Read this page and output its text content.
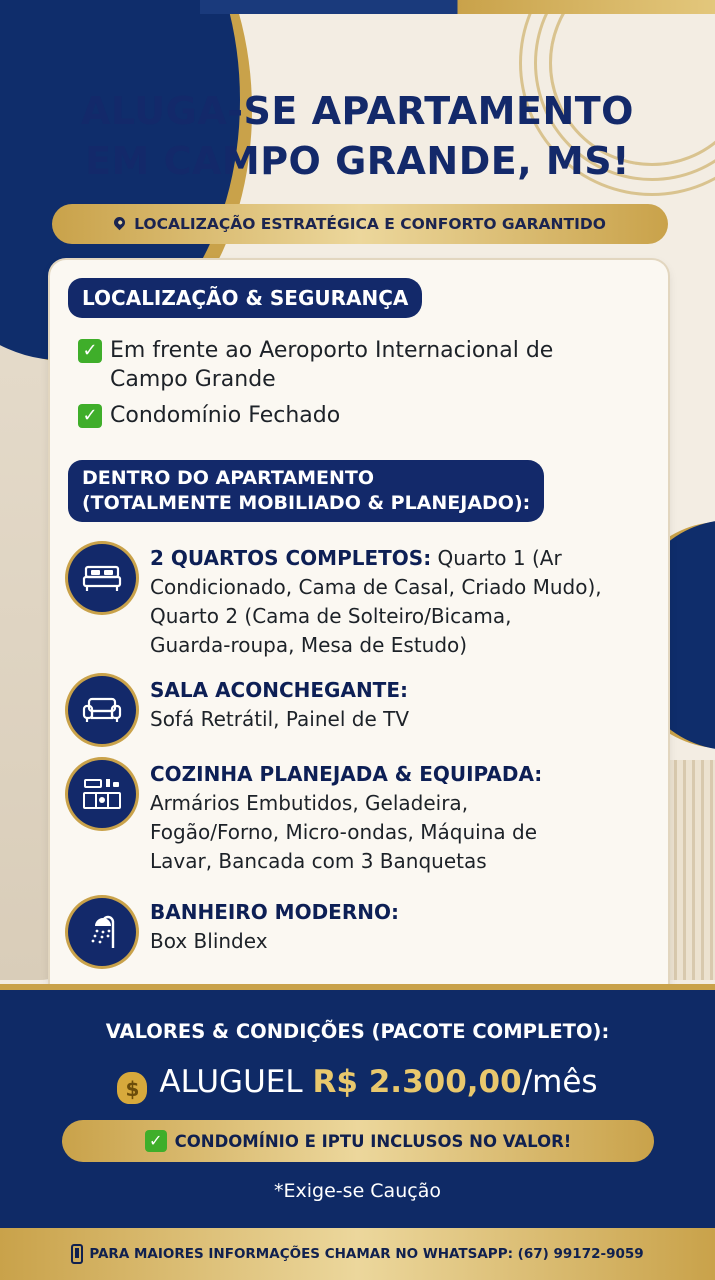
ALUGA-SE APARTAMENTO
EM CAMPO GRANDE, MS!
LOCALIZAÇÃO ESTRATÉGICA E CONFORTO GARANTIDO
LOCALIZAÇÃO & SEGURANÇA
✓ Em frente ao Aeroporto Internacional de
Campo Grande
✓ Condomínio Fechado
DENTRO DO APARTAMENTO
(TOTALMENTE MOBILIADO & PLANEJADO):
2 QUARTOS COMPLETOS: Quarto 1 (Ar
Condicionado, Cama de Casal, Criado Mudo),
Quarto 2 (Cama de Solteiro/Bicama,
Guarda-roupa, Mesa de Estudo)
SALA ACONCHEGANTE:
Sofá Retrátil, Painel de TV
COZINHA PLANEJADA & EQUIPADA:
Armários Embutidos, Geladeira,
Fogão/Forno, Micro-ondas, Máquina de
Lavar, Bancada com 3 Banquetas
BANHEIRO MODERNO:
Box Blindex
VALORES & CONDIÇÕES (PACOTE COMPLETO):
$ ALUGUEL R$ 2.300,00/mês
✓ CONDOMÍNIO E IPTU INCLUSOS NO VALOR!
*Exige-se Caução
PARA MAIORES INFORMAÇÕES CHAMAR NO WHATSAPP: (67) 99172-9059
